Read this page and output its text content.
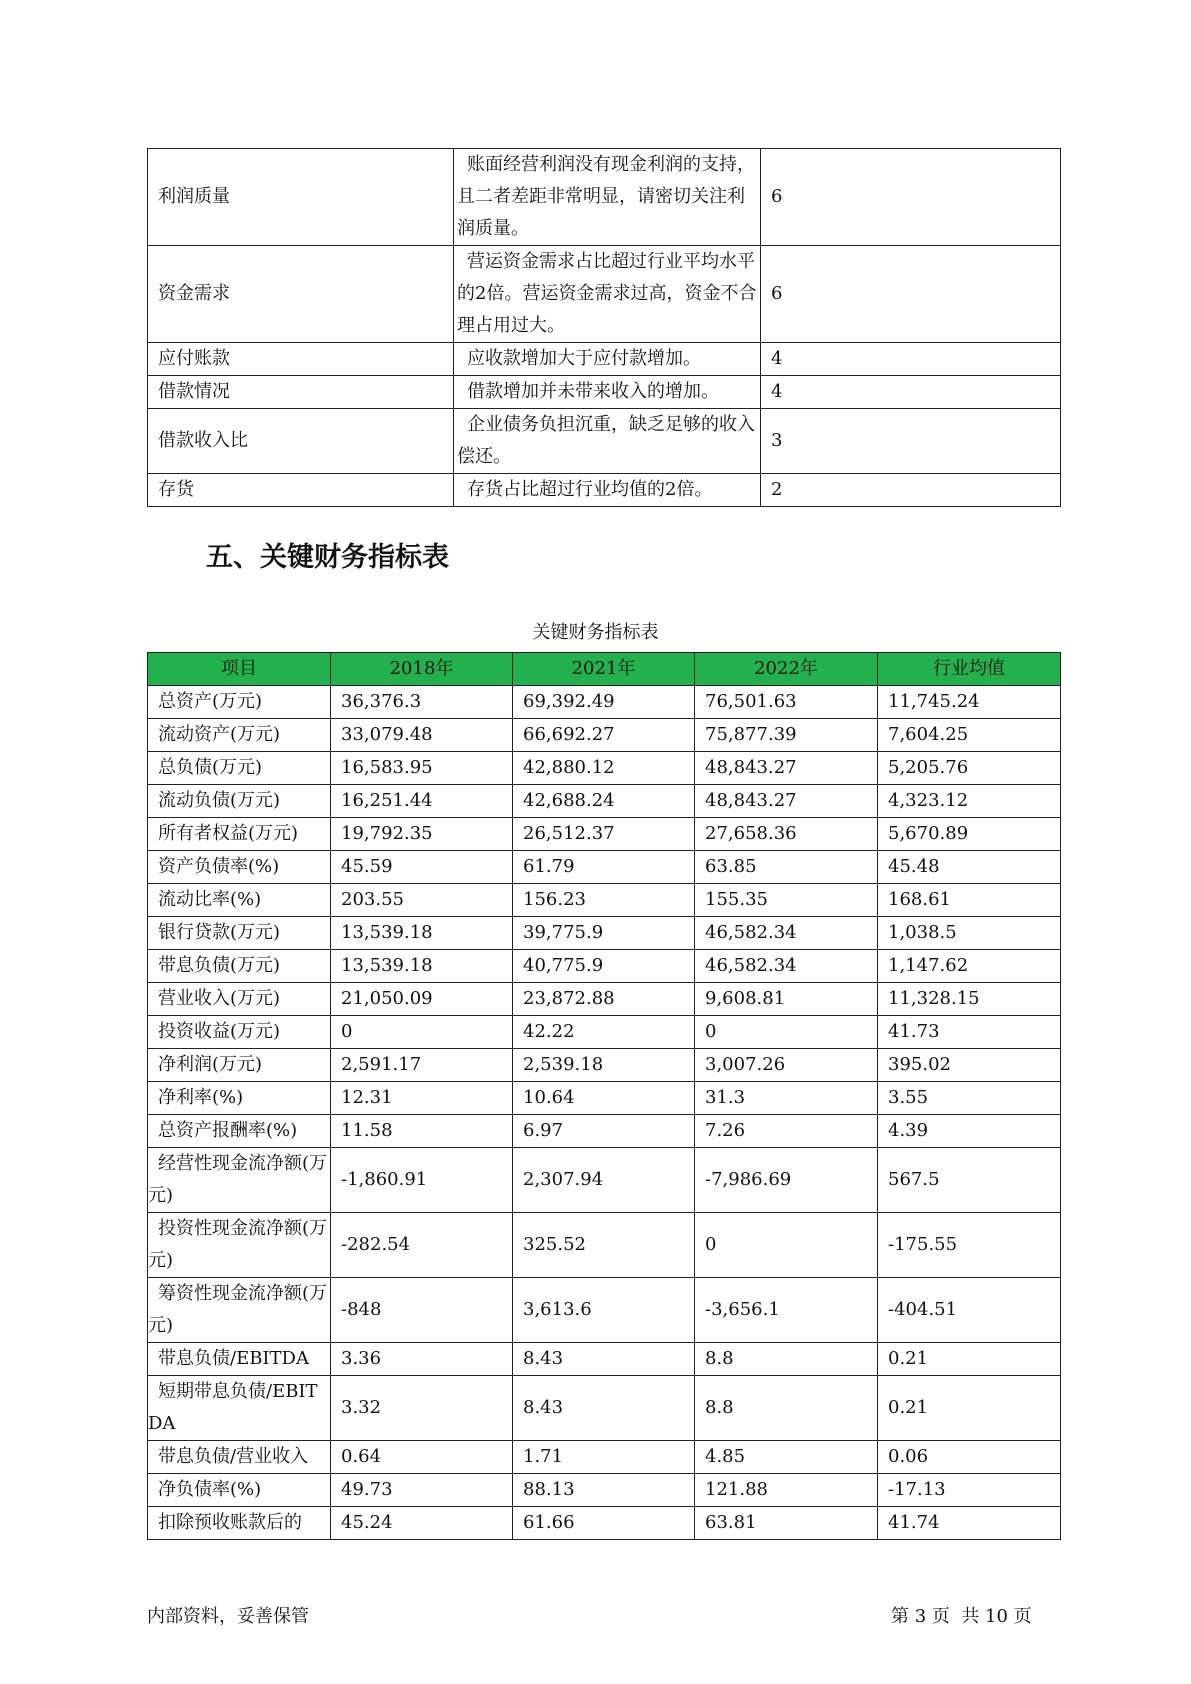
利润质量	账面经营利润没有现金利润的支持，且二者差距非常明显，请密切关注利润质量。	6
资金需求	营运资金需求占比超过行业平均水平的2倍。营运资金需求过高，资金不合理占用过大。	6
应付账款	应收款增加大于应付款增加。	4
借款情况	借款增加并未带来收入的增加。	4
借款收入比	企业债务负担沉重，缺乏足够的收入偿还。	3
存货	存货占比超过行业均值的2倍。	2
五、关键财务指标表
关键财务指标表
项目	2018年	2021年	2022年	行业均值
总资产(万元)	36,376.3	69,392.49	76,501.63	11,745.24
流动资产(万元)	33,079.48	66,692.27	75,877.39	7,604.25
总负债(万元)	16,583.95	42,880.12	48,843.27	5,205.76
流动负债(万元)	16,251.44	42,688.24	48,843.27	4,323.12
所有者权益(万元)	19,792.35	26,512.37	27,658.36	5,670.89
资产负债率(%)	45.59	61.79	63.85	45.48
流动比率(%)	203.55	156.23	155.35	168.61
银行贷款(万元)	13,539.18	39,775.9	46,582.34	1,038.5
带息负债(万元)	13,539.18	40,775.9	46,582.34	1,147.62
营业收入(万元)	21,050.09	23,872.88	9,608.81	11,328.15
投资收益(万元)	0	42.22	0	41.73
净利润(万元)	2,591.17	2,539.18	3,007.26	395.02
净利率(%)	12.31	10.64	31.3	3.55
总资产报酬率(%)	11.58	6.97	7.26	4.39
经营性现金流净额(万元)	-1,860.91	2,307.94	-7,986.69	567.5
投资性现金流净额(万元)	-282.54	325.52	0	-175.55
筹资性现金流净额(万元)	-848	3,613.6	-3,656.1	-404.51
带息负债/EBITDA	3.36	8.43	8.8	0.21
短期带息负债/EBITDA	3.32	8.43	8.8	0.21
带息负债/营业收入	0.64	1.71	4.85	0.06
净负债率(%)	49.73	88.13	121.88	-17.13
扣除预收账款后的	45.24	61.66	63.81	41.74
内部资料，妥善保管	第 3 页  共 10 页
